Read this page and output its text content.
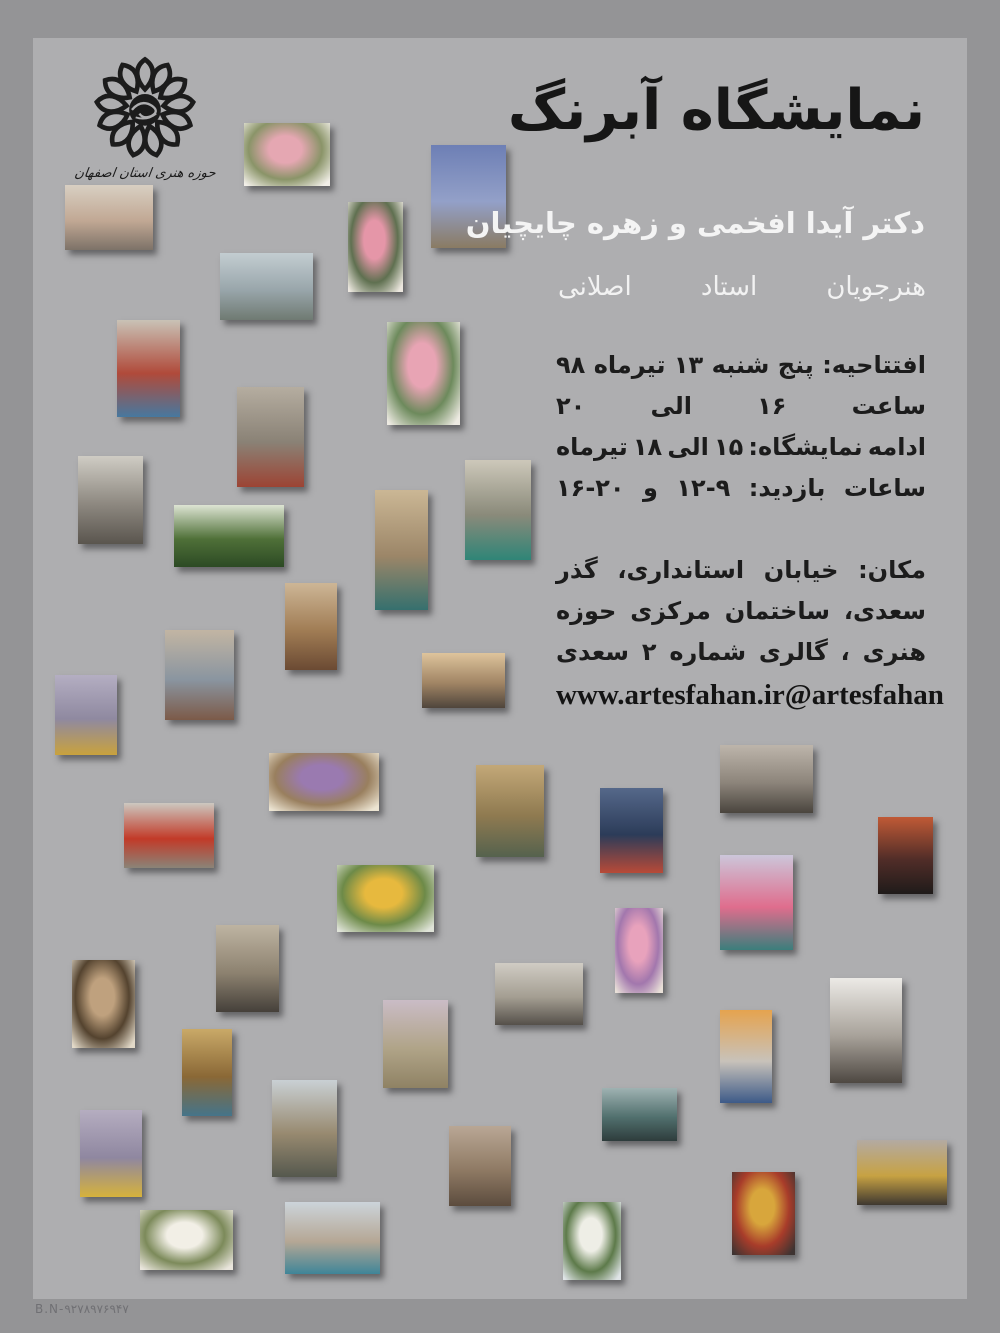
حوزه هنری استان اصفهان
نمایشگاه آبرنگ
دکتر آیدا افخمی و زهره چایچیان
هنرجویان
استاد
اصلانی
افتتاحیه:
پنج
شنبه
۱۳
تیرماه
۹۸
ساعت
۱۶
الی
۲۰
ادامه
نمایشگاه:
۱۵
الی
۱۸
تیرماه
ساعات
بازدید:
۱۲-۹
و
۱۶-۲۰
مکان:
خیابان
استانداری،
گذر
سعدی،
ساختمان
مرکزی
حوزه
هنری
،
گالری
شماره
۲
سعدی
www.artesfahan.ir @artesfahan
B.N-۹۲۷۸۹۷۶۹۴۷
